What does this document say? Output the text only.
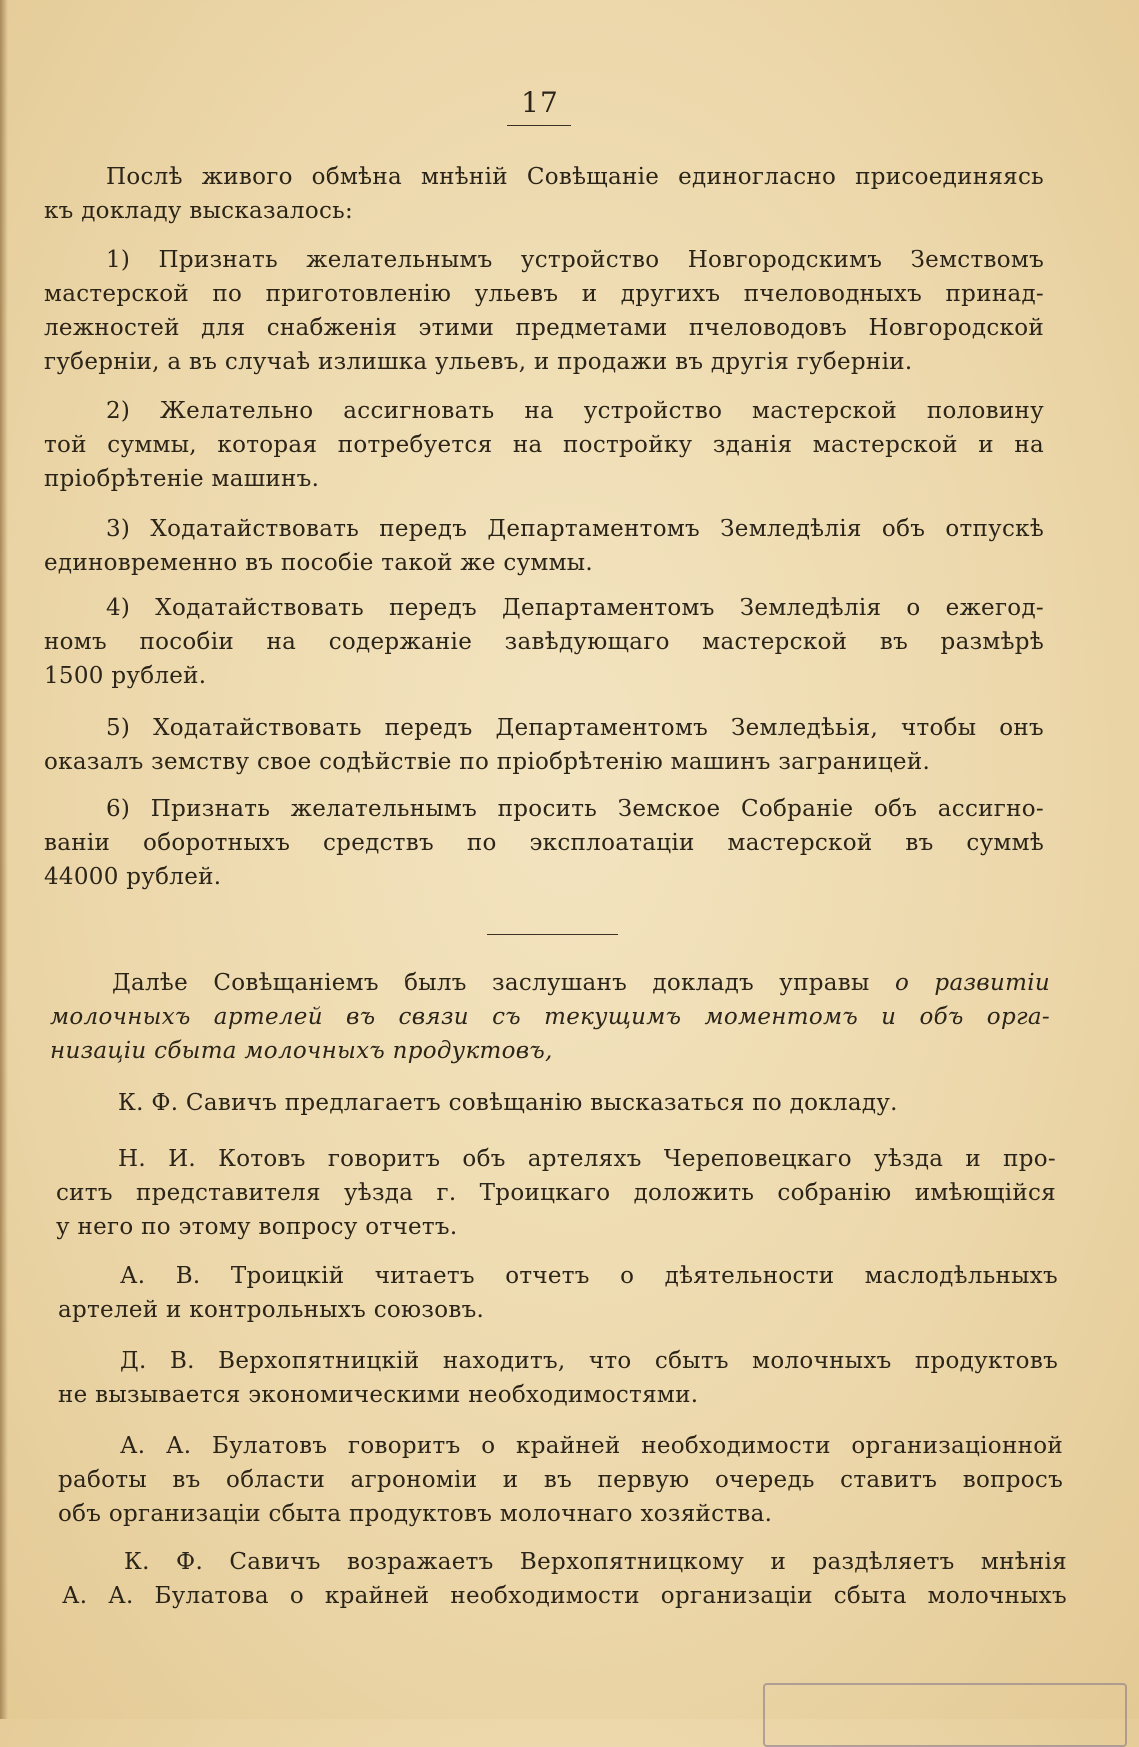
17

Послѣ живого обмѣна мнѣній Совѣщаніе единогласно присоединяясь
къ докладу высказалось:

1) Признать желательнымъ устройство Новгородскимъ Земствомъ
мастерской по приготовленію ульевъ и другихъ пчеловодныхъ принад-
лежностей для снабженія этими предметами пчеловодовъ Новгородской
губерніи, а въ случаѣ излишка ульевъ, и продажи въ другія губерніи.

2) Желательно ассигновать на устройство мастерской половину
той суммы, которая потребуется на постройку зданія мастерской и на
пріобрѣтеніе машинъ.

3) Ходатайствовать передъ Департаментомъ Земледѣлія объ отпускѣ
единовременно въ пособіе такой же суммы.

4) Ходатайствовать передъ Департаментомъ Земледѣлія о ежегод-
номъ пособіи на содержаніе завѣдующаго мастерской въ размѣрѣ
1500 рублей.

5) Ходатайствовать передъ Департаментомъ Земледѣьія, чтобы онъ
оказалъ земству свое содѣйствіе по пріобрѣтенію машинъ заграницей.

6) Признать желательнымъ просить Земское Собраніе объ ассигно-
ваніи оборотныхъ средствъ по эксплоатаціи мастерской въ суммѣ
44000 рублей.

Далѣе Совѣщаніемъ былъ заслушанъ докладъ управы о развитіи
молочныхъ артелей въ связи съ текущимъ моментомъ и объ орга-
низаціи сбыта молочныхъ продуктовъ,

К. Ф. Савичъ предлагаетъ совѣщанію высказаться по докладу.

Н. И. Котовъ говоритъ объ артеляхъ Череповецкаго уѣзда и про-
ситъ представителя уѣзда г. Троицкаго доложить собранію имѣющійся
у него по этому вопросу отчетъ.

А. В. Троицкій читаетъ отчетъ о дѣятельности маслодѣльныхъ
артелей и контрольныхъ союзовъ.

Д. В. Верхопятницкій находитъ, что сбытъ молочныхъ продуктовъ
не вызывается экономическими необходимостями.

А. А. Булатовъ говоритъ о крайней необходимости организаціонной
работы въ области агрономіи и въ первую очередь ставитъ вопросъ
объ организаціи сбыта продуктовъ молочнаго хозяйства.

К. Ф. Савичъ возражаетъ Верхопятницкому и раздѣляетъ мнѣнія
А. А. Булатова о крайней необходимости организаціи сбыта молочныхъ
